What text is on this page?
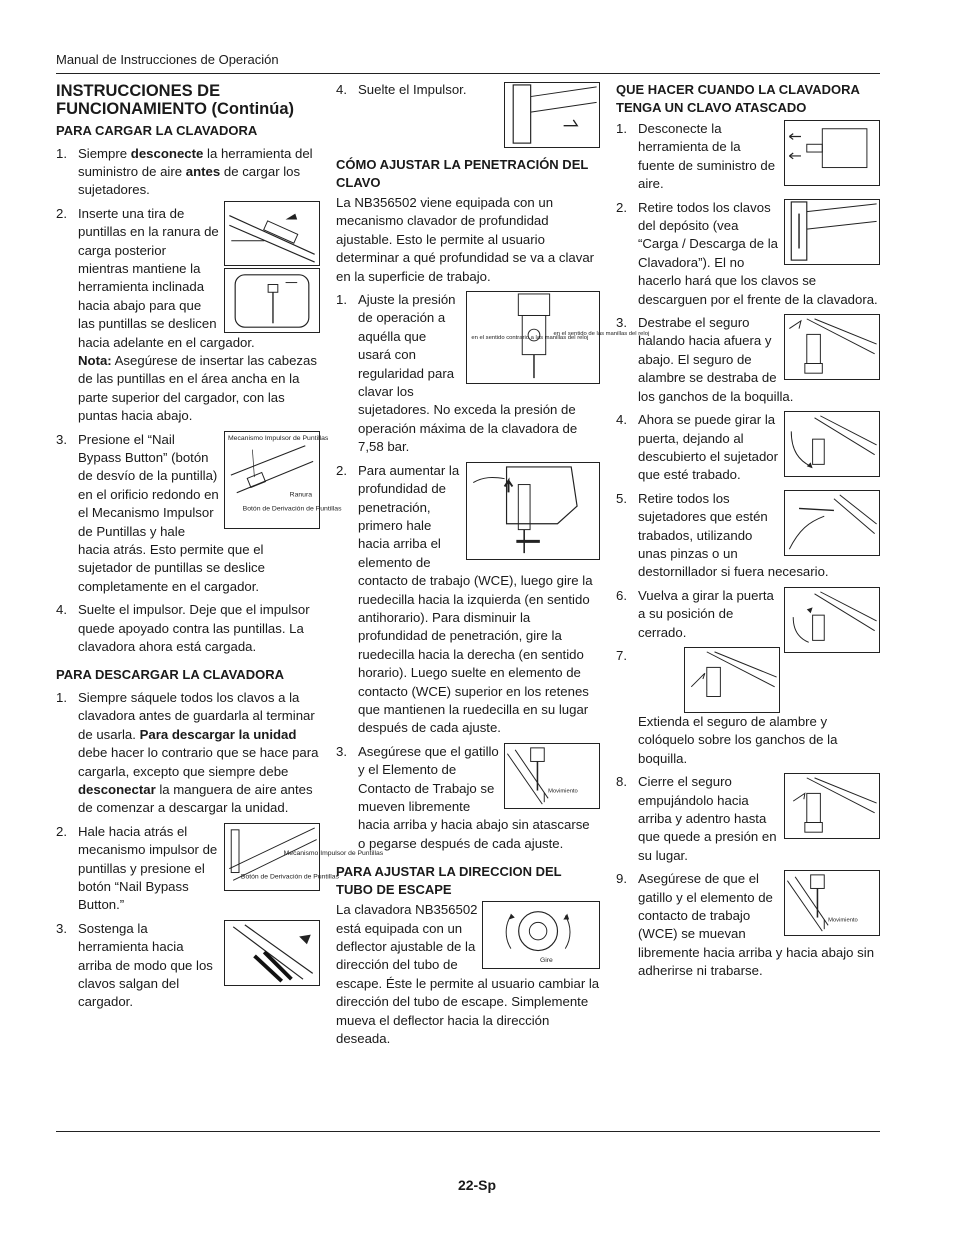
Manual de Instrucciones de Operación

INSTRUCCIONES DE FUNCIONAMIENTO (Continúa)

PARA CARGAR LA CLAVADORA

1. Siempre desconecte la herramienta del suministro de aire antes de cargar los sujetadores.

2. Inserte una tira de puntillas en la ranura de carga posterior mientras mantiene la herramienta inclinada hacia abajo para que las puntillas se deslicen hacia adelante en el cargador.

Nota: Asegúrese de insertar las cabezas de las puntillas en el área ancha en la parte superior del cargador, con las puntas hacia abajo.

3.	Mecanismo Impulsor de Puntillas
Ranura
Botón de Derivación de Puntillas

Presione el “Nail Bypass Button” (botón de desvío de la puntilla) en el orificio redondo en el Mecanismo Impulsor de Puntillas y hale hacia atrás. Esto permite que el sujetador de puntillas se deslice completamente en el cargador.

4. Suelte el impulsor. Deje que el impulsor quede apoyado contra las puntillas. La clavadora ahora está cargada.

PARA DESCARGAR LA CLAVADORA

1. Siempre sáquele todos los clavos a la clavadora antes de guardarla al terminar de usarla. Para descargar la unidad debe hacer lo contrario que se hace para cargarla, excepto que siempre debe desconectar la manguera de aire antes de comenzar a descargar la unidad.

2.
Mecanismo Impulsor de Puntillas
Botón de Derivación de Puntillas

Hale hacia atrás el mecanismo impulsor de puntillas y presione el botón “Nail Bypass Button.”

3. Sostenga la herramienta hacia arriba de modo que los clavos salgan del cargador.

4. Suelte el Impulsor.

CÓMO AJUSTAR LA PENETRACIÓN DEL CLAVO

La NB356502 viene equipada con un mecanismo clavador de profundidad ajustable. Esto le permite al usuario determinar a qué profundidad se va a clavar en la superficie de trabajo.

1.
en el sentido contrario a las manillas del reloj
en el sentido de las manillas del reloj

Ajuste la presión de operación a aquélla que usará con regularidad para clavar los sujetadores. No exceda la presión de operación máxima de la clavadora de 7,58 bar.

2. Para aumentar la profundidad de penetración, primero hale hacia arriba el elemento de contacto de trabajo (WCE), luego gire la ruedecilla hacia la izquierda (en sentido antihorario). Para disminuir la profundidad de penetración, gire la ruedecilla hacia la derecha (en sentido horario). Luego suelte en elemento de contacto (WCE) superior en los retenes que mantienen la ruedecilla en su lugar después de cada ajuste.

3.
Movimiento

Asegúrese que el gatillo y el Elemento de Contacto de Trabajo se mueven libremente hacia arriba y hacia abajo sin atascarse o pegarse después de cada ajuste.

PARA AJUSTAR LA DIRECCION DEL TUBO DE ESCAPE

Gire

La clavadora NB356502 está equipada con un deflector ajustable de la dirección del tubo de escape. Éste le permite al usuario cambiar la dirección del tubo de escape. Simplemente mueva el deflector hacia la dirección deseada.

QUE HACER CUANDO LA CLAVADORA TENGA UN CLAVO ATASCADO

1. Desconecte la herramienta de la fuente de suministro de aire.

2. Retire todos los clavos del depósito (vea “Carga / Descarga de la Clavadora”). El no hacerlo hará que los clavos se descarguen por el frente de la clavadora.

3. Destrabe el seguro halando hacia afuera y abajo. El seguro de alambre se destraba de los ganchos de la boquilla.

4. Ahora se puede girar la puerta, dejando al descubierto el sujetador que esté trabado.

5. Retire todos los sujetadores que estén trabados, utilizando unas pinzas o un destornillador si fuera necesario.

6. Vuelva a girar la puerta a su posición de cerrado.

7.

Extienda el seguro de alambre y colóquelo sobre los ganchos de la boquilla.

8. Cierre el seguro empujándolo hacia arriba y adentro hasta que quede a presión en su lugar.

9.
Movimiento

Asegúrese de que el gatillo y el elemento de contacto de trabajo (WCE) se muevan libremente hacia arriba y hacia abajo sin adherirse ni trabarse.

22-Sp
